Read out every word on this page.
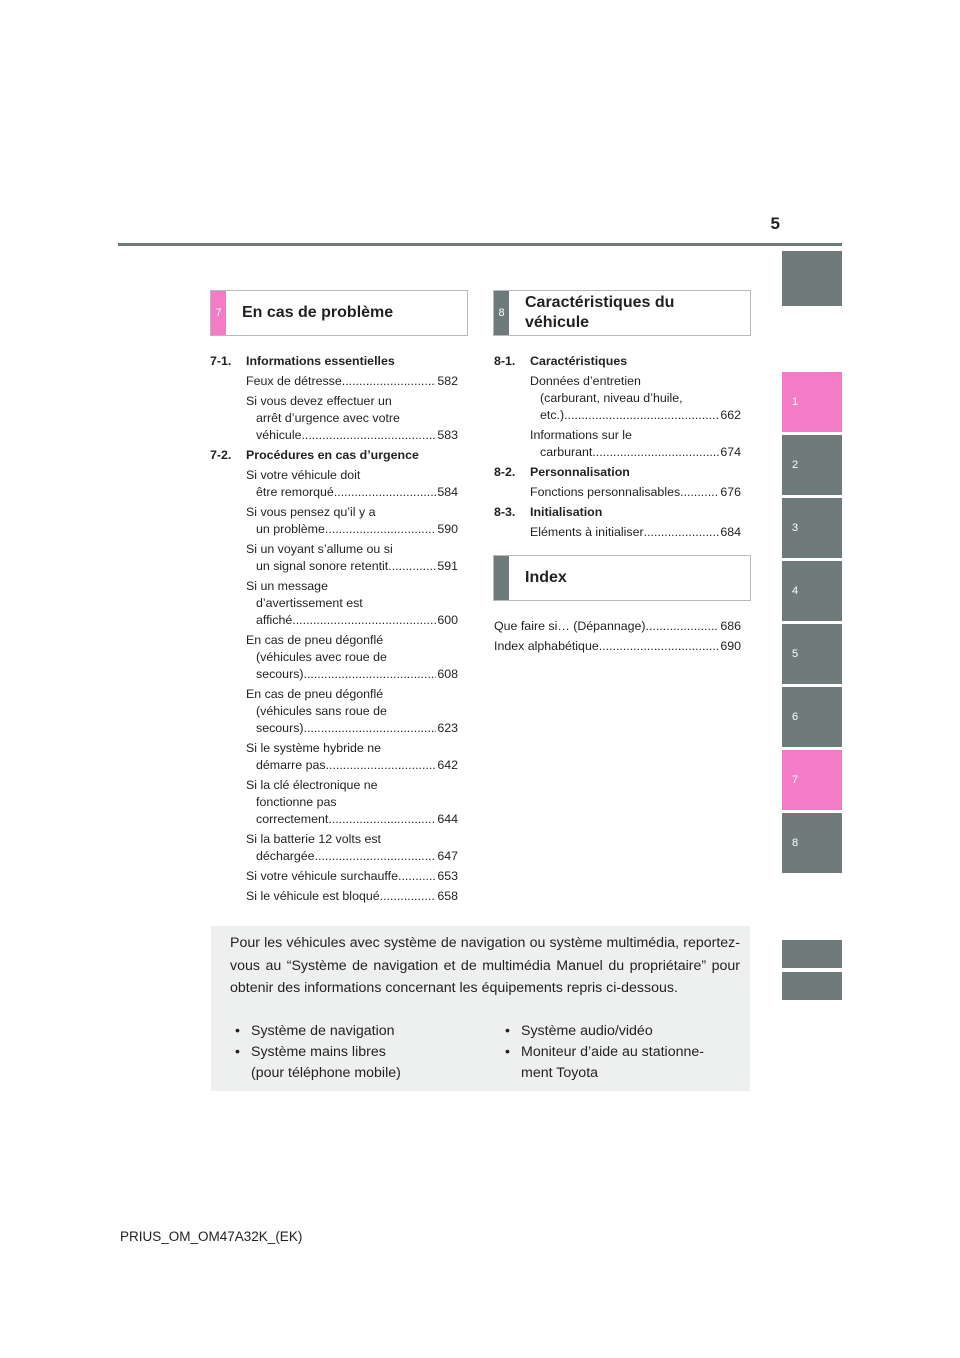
5
1
2
3
4
5
6
7
8
7 En cas de problème	8
Caractéristiques du véhicule
Index
7-1. Informations essentielles
Feux de détresse .....	582
Si vous devez effectuer un
arrêt d’urgence avec votre
véhicule .....	583
7-2. Procédures en cas d’urgence
Si votre véhicule doit
être remorqué .....	584
Si vous pensez qu’il y a
un problème .....	590
Si un voyant s’allume ou si
un signal sonore retentit .....	591
Si un message
d’avertissement est
affiché .....	600
En cas de pneu dégonflé
(véhicules avec roue de
secours) .....	608
En cas de pneu dégonflé
(véhicules sans roue de
secours) .....	623
Si le système hybride ne
démarre pas .....	642
Si la clé électronique ne
fonctionne pas
correctement .....	644
Si la batterie 12 volts est
déchargée .....	647
Si votre véhicule surchauffe .....	653
Si le véhicule est bloqué .....	658
8-1. Caractéristiques
Données d’entretien
(carburant, niveau d’huile,
etc.) .....	662
Informations sur le
carburant .....	674
8-2. Personnalisation
Fonctions personnalisables .....	676
8-3. Initialisation
Eléments à initialiser .....	684
Que faire si… (Dépannage) .....	686
Index alphabétique .....	690
Pour les véhicules avec système de navigation ou système multimédia, reportez-vous au “Système de navigation et de multimédia Manuel du propriétaire” pour obtenir des informations concernant les équipements repris ci-dessous.
• Système de navigation
• Système mains libres
(pour téléphone mobile)
• Système audio/vidéo
• Moniteur d’aide au stationne-
ment Toyota
PRIUS_OM_OM47A32K_(EK)
